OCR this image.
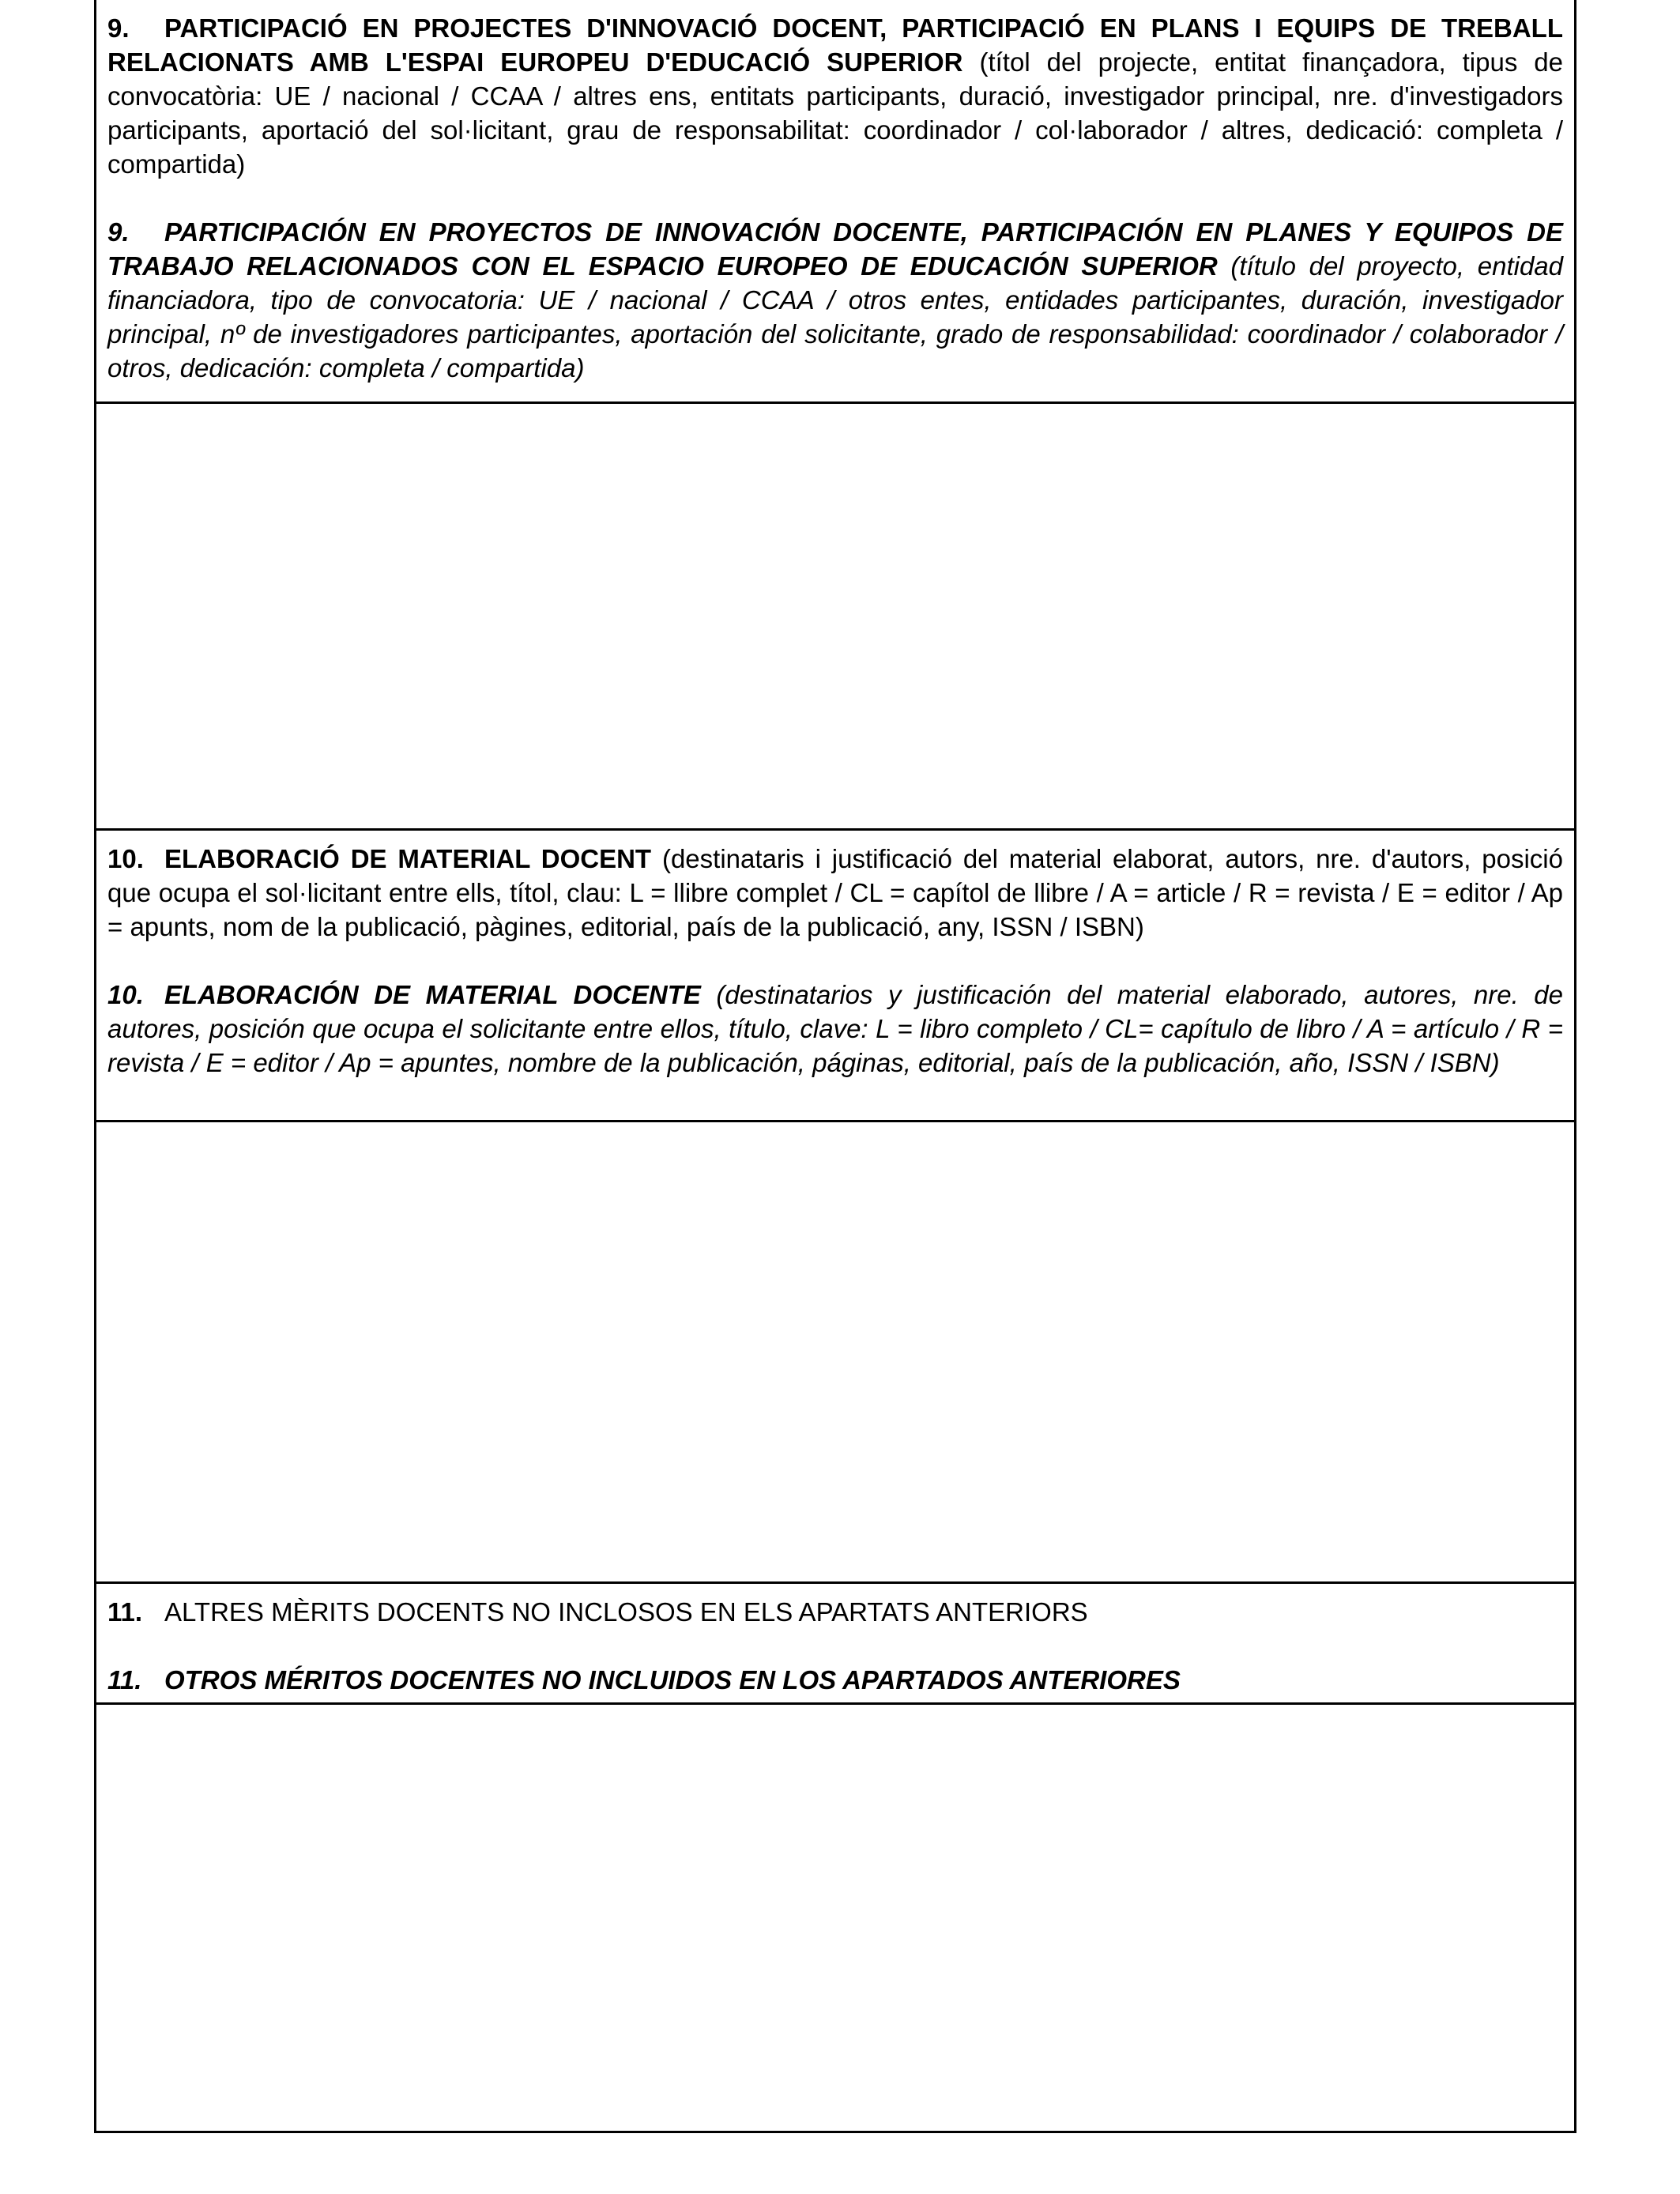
9. PARTICIPACIÓ EN PROJECTES D'INNOVACIÓ DOCENT, PARTICIPACIÓ EN PLANS I EQUIPS DE TREBALL RELACIONATS AMB L'ESPAI EUROPEU D'EDUCACIÓ SUPERIOR (títol del projecte, entitat finançadora, tipus de convocatòria: UE / nacional / CCAA / altres ens, entitats participants, duració, investigador principal, nre. d'investigadors participants, aportació del sol·licitant, grau de responsabilitat: coordinador / col·laborador / altres, dedicació: completa / compartida)

9. PARTICIPACIÓN EN PROYECTOS DE INNOVACIÓN DOCENTE, PARTICIPACIÓN EN PLANES Y EQUIPOS DE TRABAJO RELACIONADOS CON EL ESPACIO EUROPEO DE EDUCACIÓN SUPERIOR (título del proyecto, entidad financiadora, tipo de convocatoria: UE / nacional / CCAA / otros entes, entidades participantes, duración, investigador principal, nº de investigadores participantes, aportación del solicitante, grado de responsabilidad: coordinador / colaborador / otros, dedicación: completa / compartida)

10. ELABORACIÓ DE MATERIAL DOCENT (destinataris i justificació del material elaborat, autors, nre. d'autors, posició que ocupa el sol·licitant entre ells, títol, clau: L = llibre complet / CL = capítol de llibre / A = article / R = revista / E = editor / Ap = apunts, nom de la publicació, pàgines, editorial, país de la publicació, any, ISSN / ISBN)

10. ELABORACIÓN DE MATERIAL DOCENTE (destinatarios y justificación del material elaborado, autores, nre. de autores, posición que ocupa el solicitante entre ellos, título, clave: L = libro completo / CL= capítulo de libro / A = artículo / R = revista / E = editor / Ap = apuntes, nombre de la publicación, páginas, editorial, país de la publicación, año, ISSN / ISBN)

11. ALTRES MÈRITS DOCENTS NO INCLOSOS EN ELS APARTATS ANTERIORS

11. OTROS MÉRITOS DOCENTES NO INCLUIDOS EN LOS APARTADOS ANTERIORES
